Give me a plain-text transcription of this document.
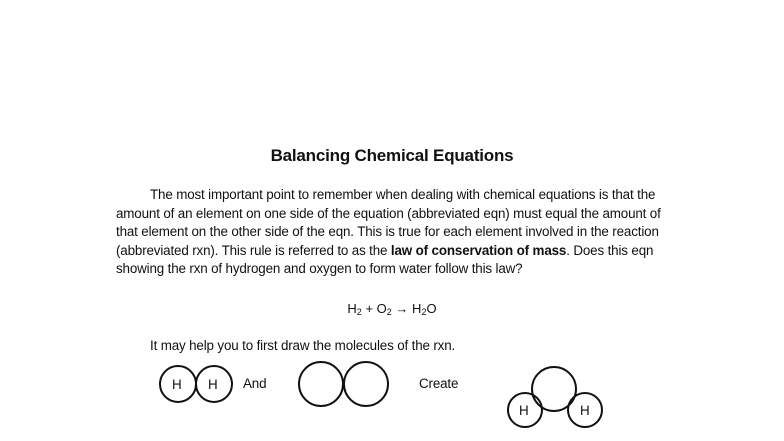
Balancing Chemical Equations
The most important point to remember when dealing with chemical equations is that the amount of an element on one side of the equation (abbreviated eqn) must equal the amount of that element on the other side of the eqn. This is true for each element involved in the reaction (abbreviated rxn). This rule is referred to as the law of conservation of mass. Does this eqn showing the rxn of hydrogen and oxygen to form water follow this law?
$H_2 + O_2 \to H_2O$
It may help you to first draw the molecules of the rxn.
H H And	Create
H	H
